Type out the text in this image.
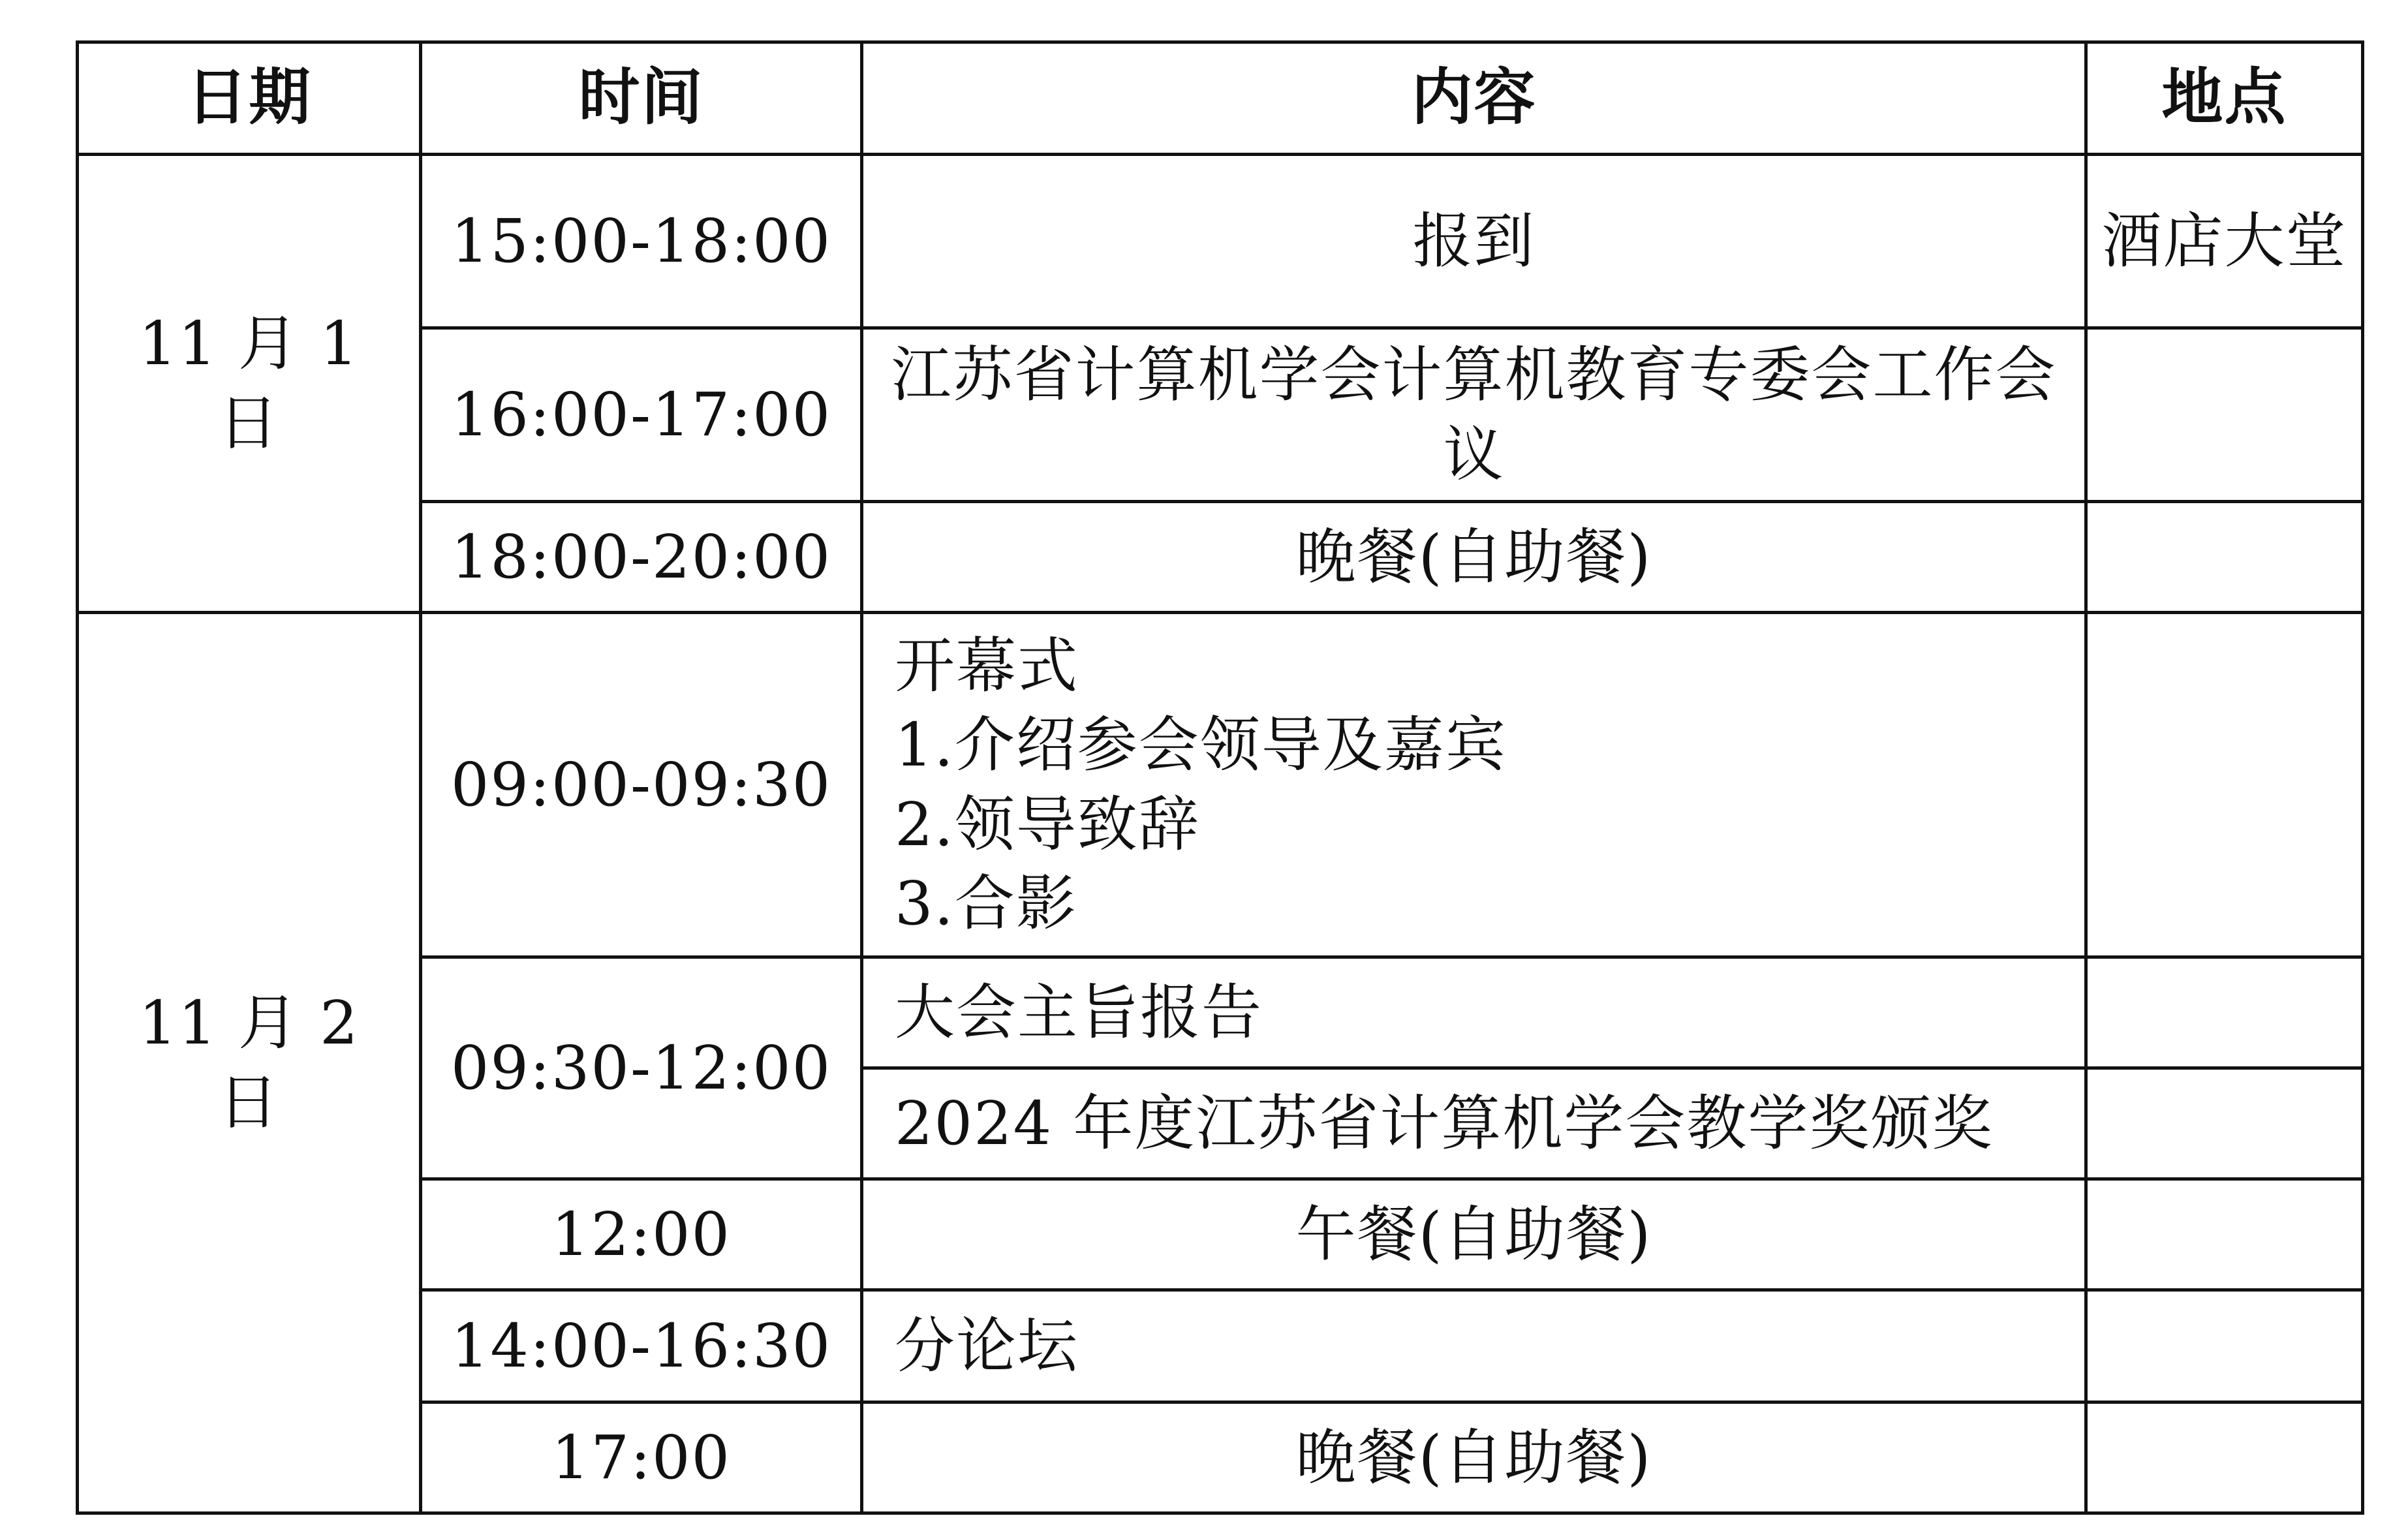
日期	时间	内容	地点
11 月 1 日	15:00-18:00	报到	酒店大堂
	16:00-17:00	江苏省计算机学会计算机教育专委会工作会议	
	18:00-20:00	晚餐(自助餐)	
11 月 2 日	09:00-09:30	开幕式
1.介绍参会领导及嘉宾
2.领导致辞
3.合影	

	09:30-12:00	大会主旨报告	
		2024 年度江苏省计算机学会教学奖颁奖	
	12:00	午餐(自助餐)	
	14:00-16:30	分论坛	
	17:00	晚餐(自助餐)	
